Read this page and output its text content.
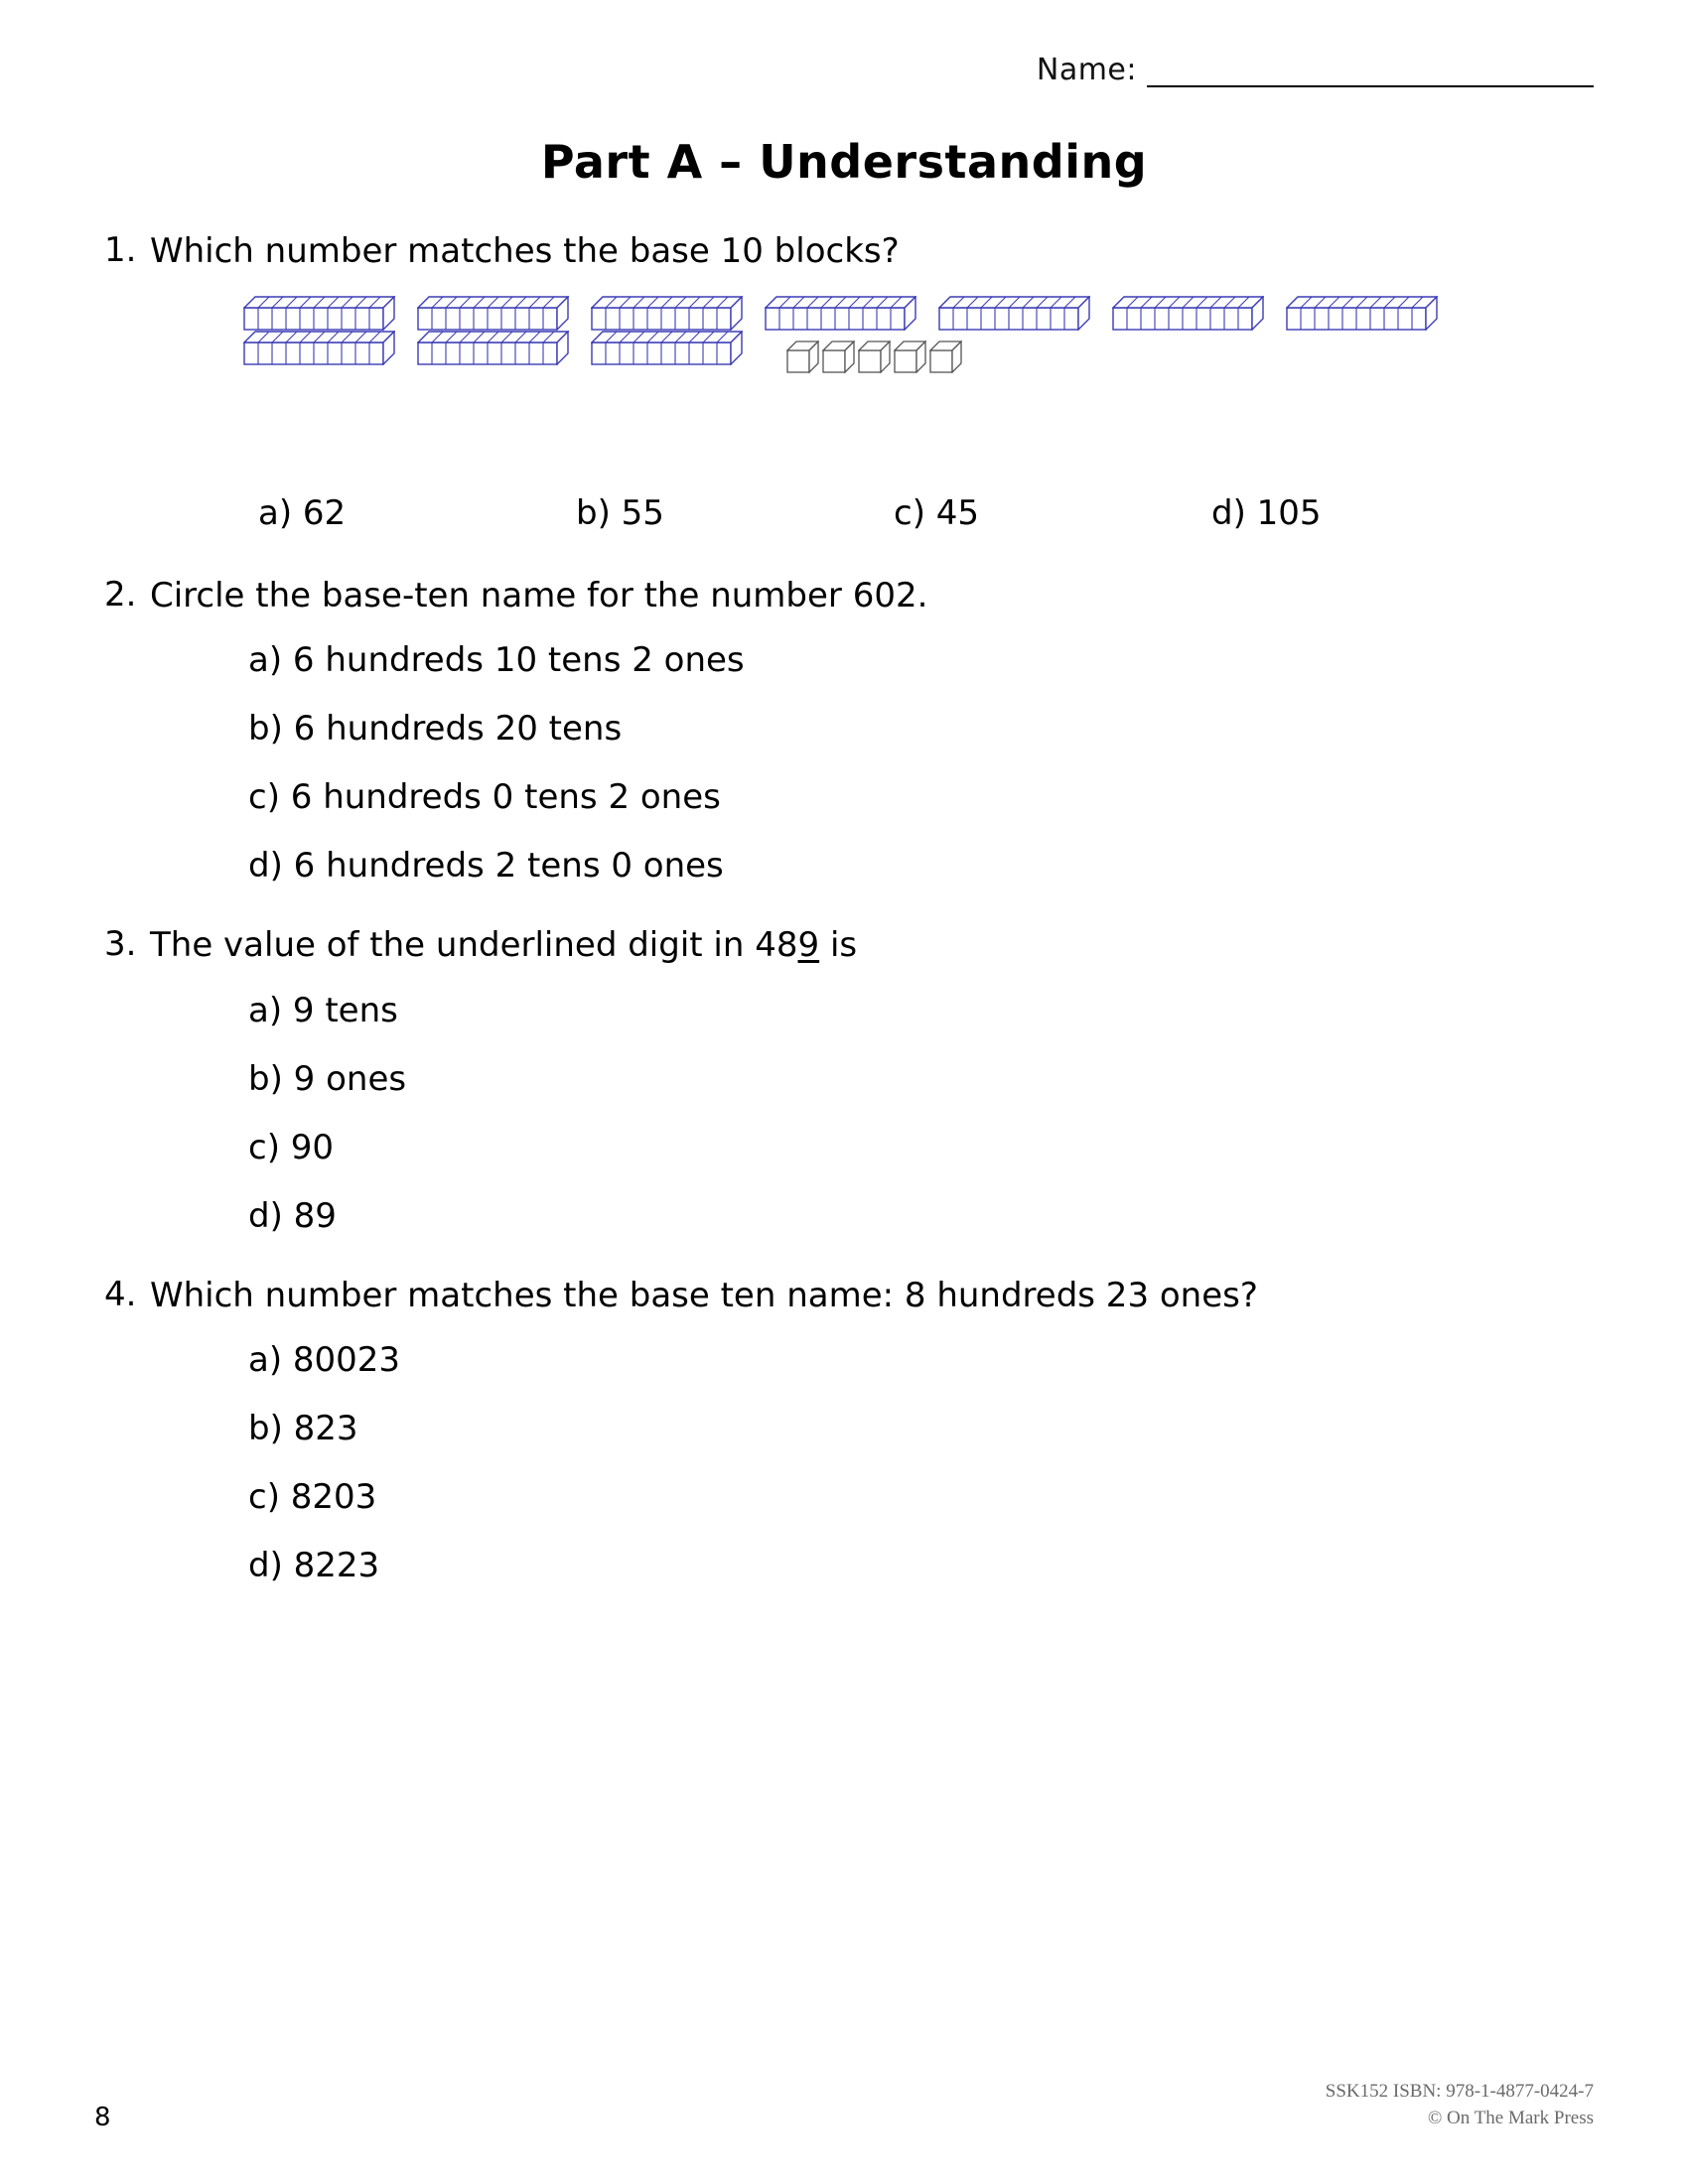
Name:
Part A – Understanding
1. Which number matches the base 10 blocks?
a) 62	b) 55	c) 45	d) 105
2. Circle the base-ten name for the number 602.
a) 6 hundreds 10 tens 2 ones
b) 6 hundreds 20 tens
c) 6 hundreds 0 tens 2 ones
d) 6 hundreds 2 tens 0 ones
3. The value of the underlined digit in 489 is
a) 9 tens
b) 9 ones
c) 90
d) 89
4. Which number matches the base ten name: 8 hundreds 23 ones?
a) 80023
b) 823
c) 8203
d) 8223
8
SSK152 ISBN: 978-1-4877-0424-7
© On The Mark Press
